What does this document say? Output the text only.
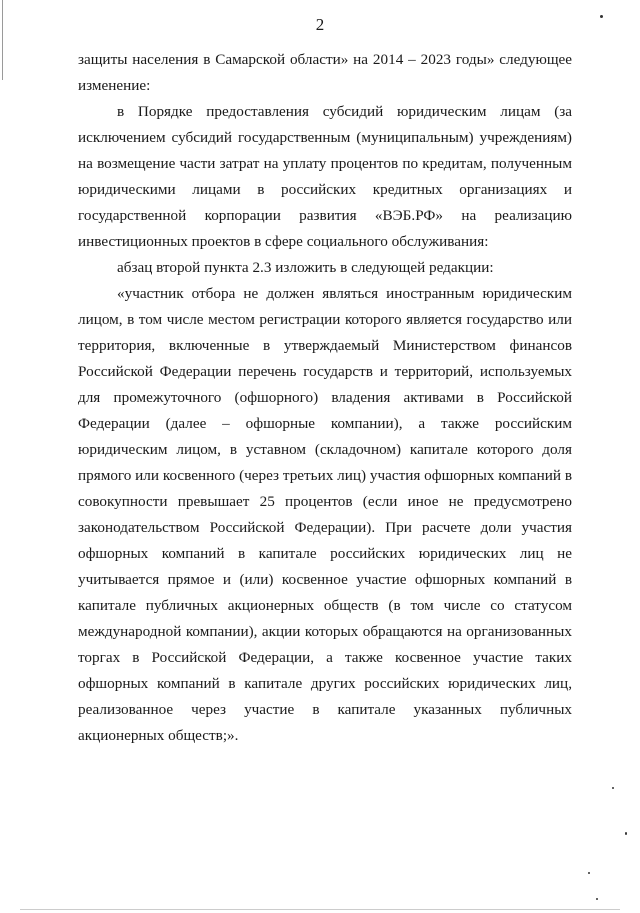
2

защиты населения в Самарской области» на 2014 – 2023 годы» следующее изменение:

в Порядке предоставления субсидий юридическим лицам (за исключением субсидий государственным (муниципальным) учреждениям) на возмещение части затрат на уплату процентов по кредитам, полученным юридическими лицами в российских кредитных организациях и государственной корпорации развития «ВЭБ.РФ» на реализацию инвестиционных проектов в сфере социального обслуживания:

абзац второй пункта 2.3 изложить в следующей редакции:

«участник отбора не должен являться иностранным юридическим лицом, в том числе местом регистрации которого является государство или территория, включенные в утверждаемый Министерством финансов Российской Федерации перечень государств и территорий, используемых для промежуточного (офшорного) владения активами в Российской Федерации (далее – офшорные компании), а также российским юридическим лицом, в уставном (складочном) капитале которого доля прямого или косвенного (через третьих лиц) участия офшорных компаний в совокупности превышает 25 процентов (если иное не предусмотрено законодательством Российской Федерации). При расчете доли участия офшорных компаний в капитале российских юридических лиц не учитывается прямое и (или) косвенное участие офшорных компаний в капитале публичных акционерных обществ (в том числе со статусом международной компании), акции которых обращаются на организованных торгах в Российской Федерации, а также косвенное участие таких офшорных компаний в капитале других российских юридических лиц, реализованное через участие в капитале указанных публичных акционерных обществ;».
